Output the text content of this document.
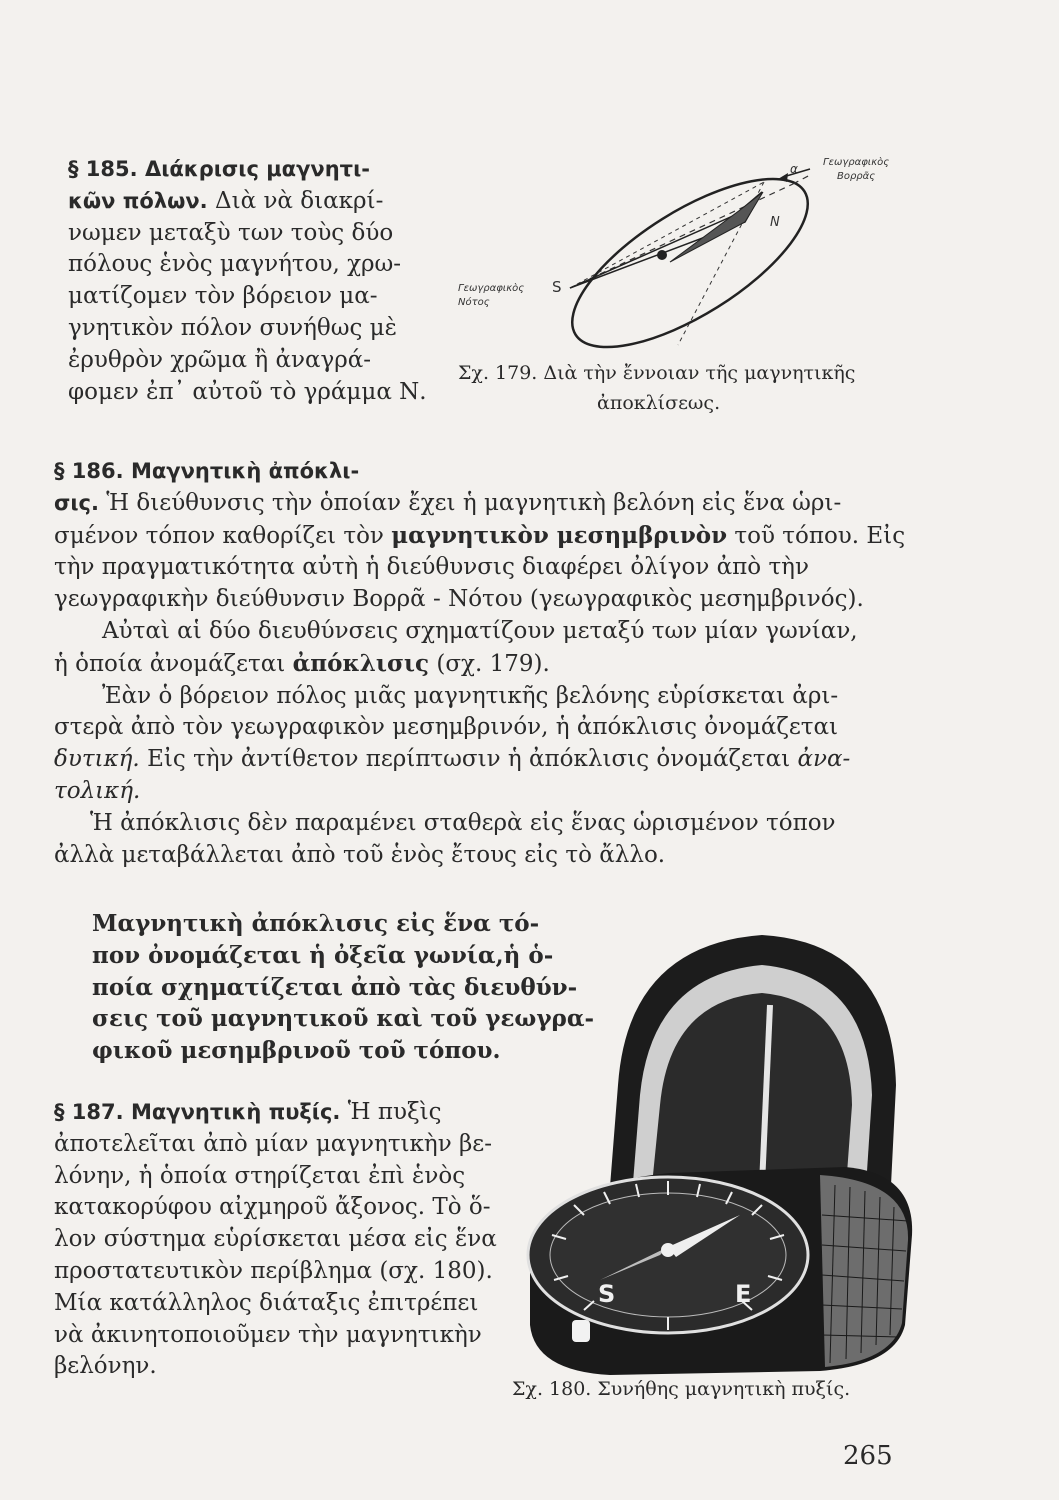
§ 185. Διάκρισις μαγνητι-
κῶν πόλων. Διὰ νὰ διακρί-
νωμεν μεταξὺ των τοὺς δύο
πόλους ἑνὸς μαγνήτου, χρω-
ματίζομεν τὸν βόρειον μα-
γνητικὸν πόλον συνήθως μὲ
ἐρυθρὸν χρῶμα ἢ ἀναγρά-
φομεν ἐπ᾽ αὐτοῦ τὸ γράμμα Ν.
α	Γεωγραφικὸς
Βορρᾶς
Ν
Γεωγραφικὸς
Νότος
S
Σχ. 179. Διὰ τὴν ἔννοιαν τῆς μαγνητικῆς
ἀποκλίσεως.
§ 186. Μαγνητικὴ ἀπόκλι-
σις. Ἡ διεύθυνσις τὴν ὁποίαν ἔχει ἡ μαγνητικὴ βελόνη εἰς ἕνα ὡρι-
σμένον τόπον καθορίζει τὸν μαγνητικὸν μεσημβρινὸν τοῦ τόπου. Εἰς
τὴν πραγματικότητα αὐτὴ ἡ διεύθυνσις διαφέρει ὀλίγον ἀπὸ τὴν
γεωγραφικὴν διεύθυνσιν Βορρᾶ - Νότου (γεωγραφικὸς μεσημβρινός).
Αὐταὶ αἱ δύο διευθύνσεις σχηματίζουν μεταξύ των μίαν γωνίαν,
ἡ ὁποία ἀνομάζεται ἀπόκλισις (σχ. 179).
Ἐὰν ὁ βόρειον πόλος μιᾶς μαγνητικῆς βελόνης εὑρίσκεται ἀρι-
στερὰ ἀπὸ τὸν γεωγραφικὸν μεσημβρινόν, ἡ ἀπόκλισις ὀνομάζεται
δυτική. Εἰς τὴν ἀντίθετον περίπτωσιν ἡ ἀπόκλισις ὀνομάζεται ἀνα-
τολική.
Ἡ ἀπόκλισις δὲν παραμένει σταθερὰ εἰς ἕνας ὡρισμένον τόπον
ἀλλὰ μεταβάλλεται ἀπὸ τοῦ ἑνὸς ἔτους εἰς τὸ ἄλλο.
Μαγνητικὴ ἀπόκλισις εἰς ἕνα τό-
πον ὀνομάζεται ἡ ὀξεῖα γωνία,ἡ ὁ-
ποία σχηματίζεται ἀπὸ τὰς διευθύν-
σεις τοῦ μαγνητικοῦ καὶ τοῦ γεωγρα-
φικοῦ μεσημβρινοῦ τοῦ τόπου.
§ 187. Μαγνητικὴ πυξίς. Ἡ πυξὶς
ἀποτελεῖται ἀπὸ μίαν μαγνητικὴν βε-
λόνην, ἡ ὁποία στηρίζεται ἐπὶ ἑνὸς
κατακορύφου αἰχμηροῦ ἄξονος. Τὸ ὅ-
λον σύστημα εὑρίσκεται μέσα εἰς ἕνα
προστατευτικὸν περίβλημα (σχ. 180).
Μία κατάλληλος διάταξις ἐπιτρέπει
νὰ ἀκινητοποιοῦμεν τὴν μαγνητικὴν
βελόνην.
S	E
Σχ. 180. Συνήθης μαγνητικὴ πυξίς.
265
